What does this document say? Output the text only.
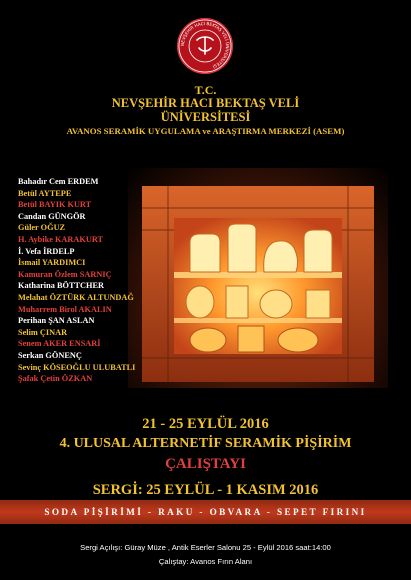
NEVŞEHİR HACI BEKTAŞ VELİ ÜNİVERSİTESİ
T.C.
NEVŞEHİR HACI BEKTAŞ VELİ
ÜNİVERSİTESİ
AVANOS SERAMİK UYGULAMA ve ARAŞTIRMA MERKEZİ (ASEM)
Bahadır Cem ERDEM
Betül AYTEPE
Betül BAYIK KURT
Candan GÜNGÖR
Güler OĞUZ
H. Aybike KARAKURT
İ. Vefa İRDELP
İsmail YARDIMCI
Kamuran Özlem SARNIÇ
Katharina BÖTTCHER
Melahat ÖZTÜRK ALTUNDAĞ
Muharrem Birol AKALIN
Perihan ŞAN ASLAN
Selim ÇINAR
Senem AKER ENSARİ
Serkan GÖNENÇ
Sevinç KÖSEOĞLU ULUBATLI
Şafak Çetin ÖZKAN
21 - 25 EYLÜL 2016
4. ULUSAL ALTERNETİF SERAMİK PİŞİRİM
ÇALIŞTAYI
SERGİ: 25 EYLÜL - 1 KASIM 2016
SODA PİŞİRİMİ - RAKU - OBVARA - SEPET FIRINI
Sergi Açılışı: Güray Müze , Antik Eserler Salonu 25 - Eylül 2016 saat:14:00
Çalıştay: Avanos Fırın Alanı
